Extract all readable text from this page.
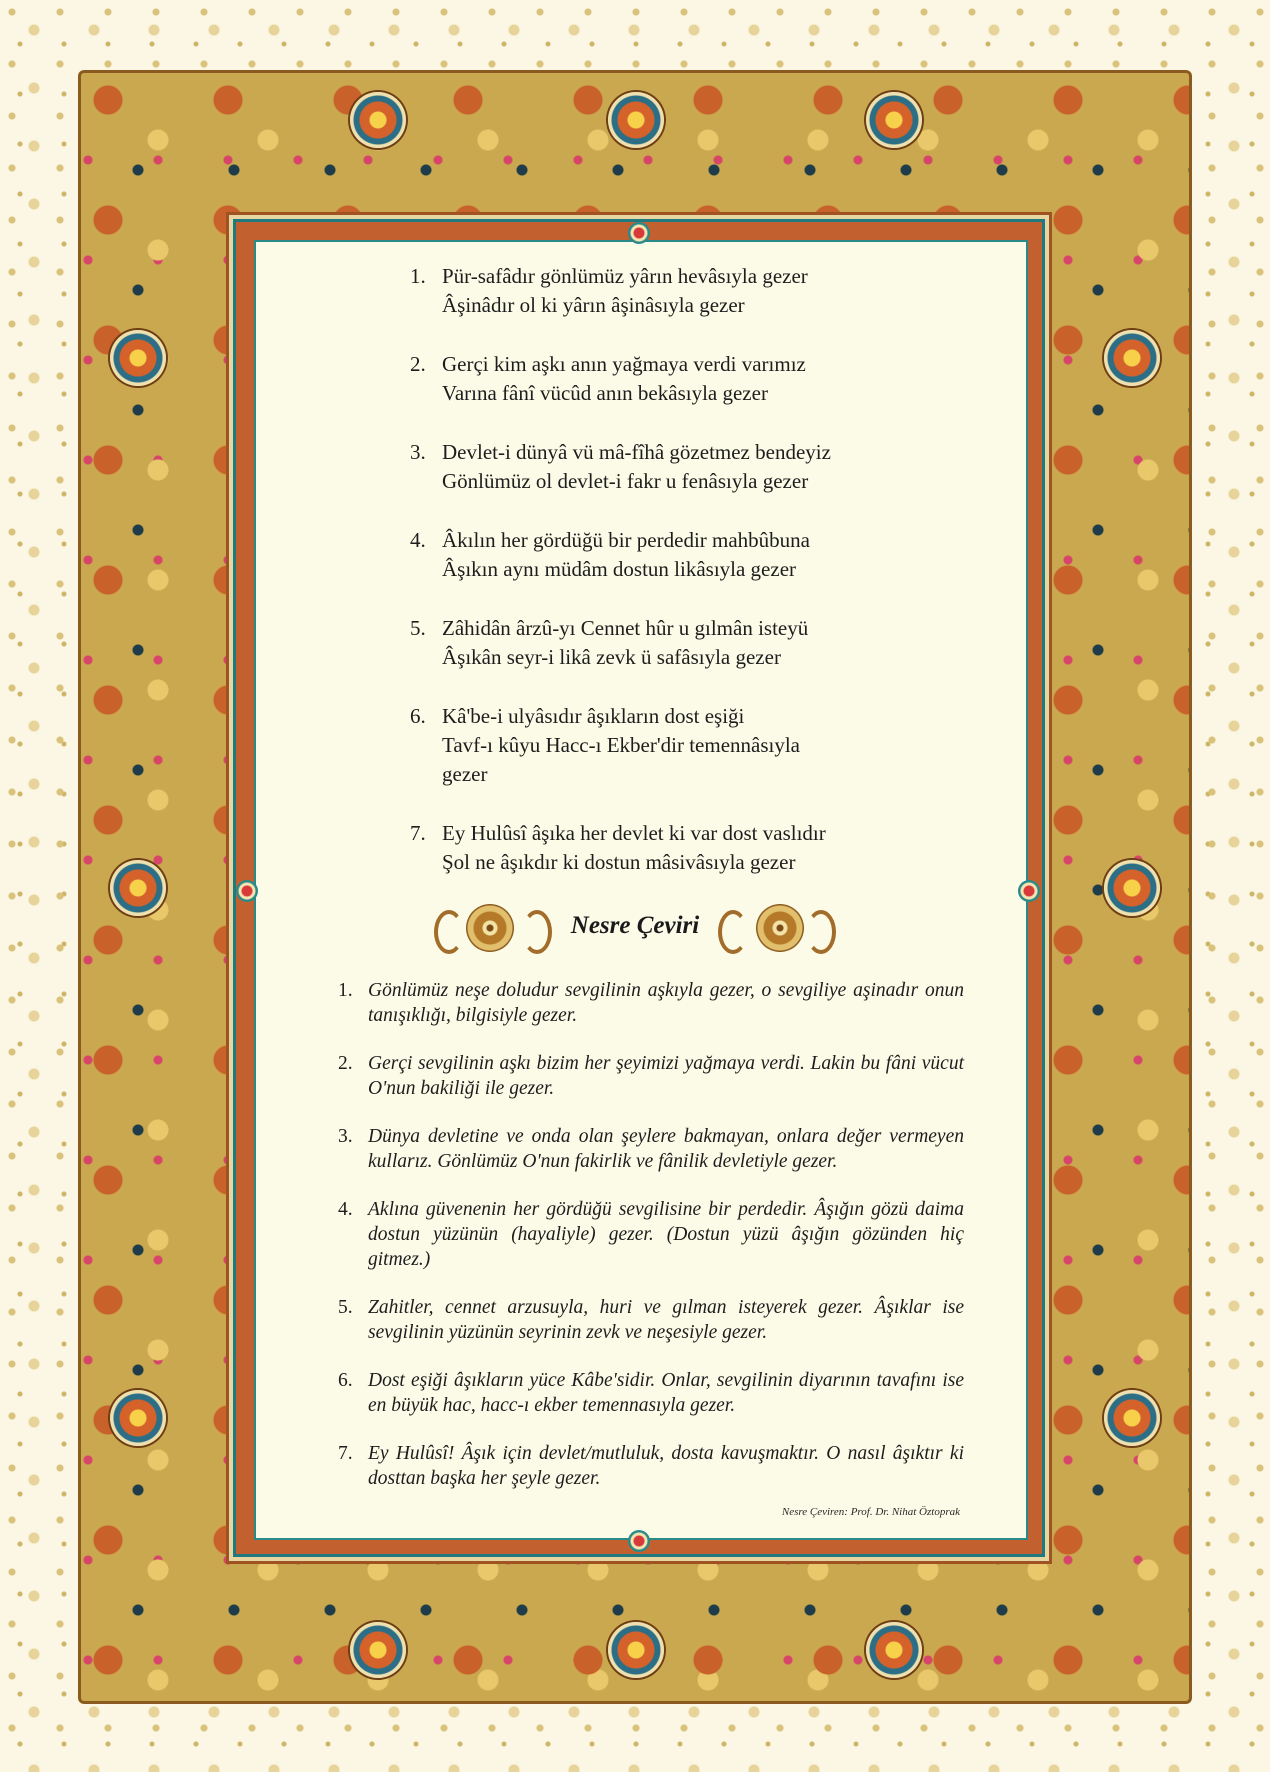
1. Pür-safâdır gönlümüz yârın hevâsıyla gezer
Âşinâdır ol ki yârın âşinâsıyla gezer
2. Gerçi kim aşkı anın yağmaya verdi varımız
Varına fânî vücûd anın bekâsıyla gezer
3. Devlet-i dünyâ vü mâ-fîhâ gözetmez bendeyiz
Gönlümüz ol devlet-i fakr u fenâsıyla gezer
4. Âkılın her gördüğü bir perdedir mahbûbuna
Âşıkın aynı müdâm dostun likâsıyla gezer
5. Zâhidân ârzû-yı Cennet hûr u gılmân isteyü
Âşıkân seyr-i likâ zevk ü safâsıyla gezer
6. Kâ'be-i ulyâsıdır âşıkların dost eşiği
Tavf-ı kûyu Hacc-ı Ekber'dir temennâsıyla
gezer
7. Ey Hulûsî âşıka her devlet ki var dost vaslıdır
Şol ne âşıkdır ki dostun mâsivâsıyla gezer
Nesre Çeviri
1. Gönlümüz neşe doludur sevgilinin aşkıyla gezer, o sevgiliye aşinadır onun tanışıklığı, bilgisiyle gezer.
2. Gerçi sevgilinin aşkı bizim her şeyimizi yağmaya verdi. Lakin bu fâni vücut O'nun bakiliği ile gezer.
3. Dünya devletine ve onda olan şeylere bakmayan, onlara değer vermeyen kullarız. Gönlümüz O'nun fakirlik ve fânilik devletiyle gezer.
4. Aklına güvenenin her gördüğü sevgilisine bir perdedir. Âşığın gözü daima dostun yüzünün (hayaliyle) gezer. (Dostun yüzü âşığın gözünden hiç gitmez.)
5. Zahitler, cennet arzusuyla, huri ve gılman isteyerek gezer. Âşıklar ise sevgilinin yüzünün seyrinin zevk ve neşesiyle gezer.
6. Dost eşiği âşıkların yüce Kâbe'sidir. Onlar, sevgilinin diyarının tavafını ise en büyük hac, hacc-ı ekber temennasıyla gezer.
7. Ey Hulûsî! Âşık için devlet/mutluluk, dosta kavuşmaktır. O nasıl âşıktır ki dosttan başka her şeyle gezer.
Nesre Çeviren: Prof. Dr. Nihat Öztoprak
